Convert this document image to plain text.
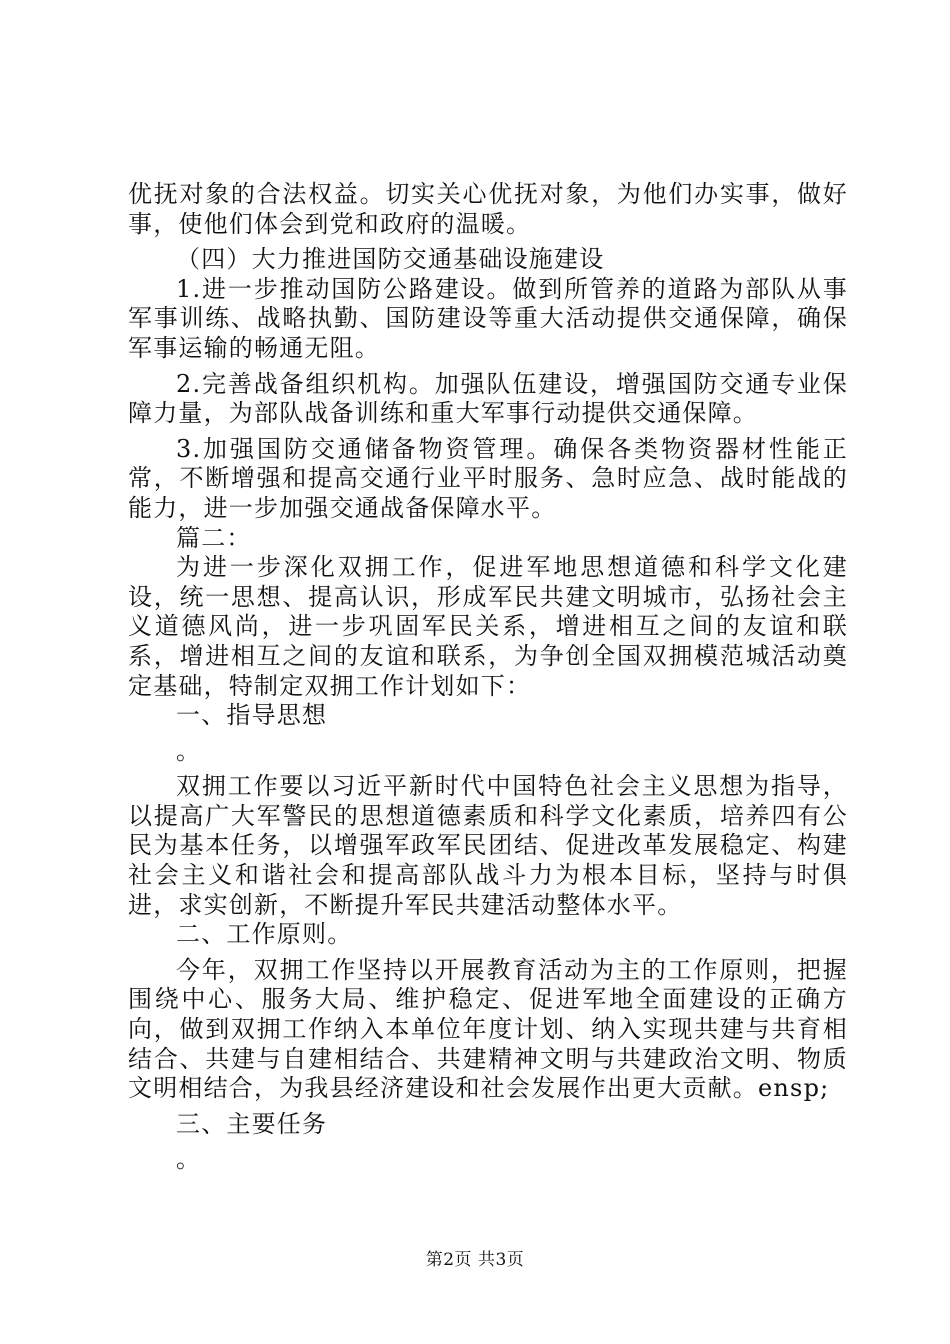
优抚对象的合法权益。切实关心优抚对象，为他们办实事，做好事，使他们体会到党和政府的温暖。

（四）大力推进国防交通基础设施建设

1.进一步推动国防公路建设。做到所管养的道路为部队从事军事训练、战略执勤、国防建设等重大活动提供交通保障，确保军事运输的畅通无阻。

2.完善战备组织机构。加强队伍建设，增强国防交通专业保障力量，为部队战备训练和重大军事行动提供交通保障。

3.加强国防交通储备物资管理。确保各类物资器材性能正常，不断增强和提高交通行业平时服务、急时应急、战时能战的能力，进一步加强交通战备保障水平。

篇二：

为进一步深化双拥工作，促进军地思想道德和科学文化建设，统一思想、提高认识，形成军民共建文明城市，弘扬社会主义道德风尚，进一步巩固军民关系，增进相互之间的友谊和联系，增进相互之间的友谊和联系，为争创全国双拥模范城活动奠定基础，特制定双拥工作计划如下：

一、指导思想

。

双拥工作要以习近平新时代中国特色社会主义思想为指导，以提高广大军警民的思想道德素质和科学文化素质，培养四有公民为基本任务，以增强军政军民团结、促进改革发展稳定、构建社会主义和谐社会和提高部队战斗力为根本目标，坚持与时俱进，求实创新，不断提升军民共建活动整体水平。

二、工作原则。

今年，双拥工作坚持以开展教育活动为主的工作原则，把握围绕中心、服务大局、维护稳定、促进军地全面建设的正确方向，做到双拥工作纳入本单位年度计划、纳入实现共建与共育相结合、共建与自建相结合、共建精神文明与共建政治文明、物质文明相结合，为我县经济建设和社会发展作出更大贡献。ensp;

三、主要任务

。

第2页 共3页
